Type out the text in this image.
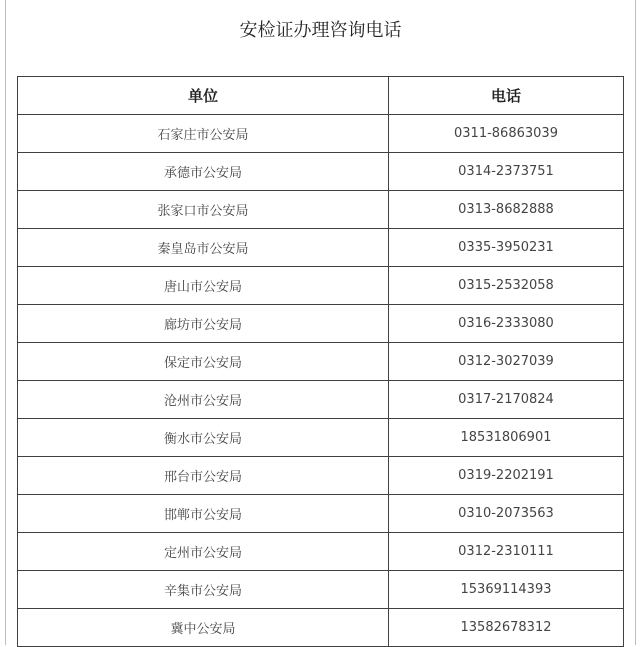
安检证办理咨询电话
单位	电话
石家庄市公安局	0311-86863039
承德市公安局	0314-2373751
张家口市公安局	0313-8682888
秦皇岛市公安局	0335-3950231
唐山市公安局	0315-2532058
廊坊市公安局	0316-2333080
保定市公安局	0312-3027039
沧州市公安局	0317-2170824
衡水市公安局	18531806901
邢台市公安局	0319-2202191
邯郸市公安局	0310-2073563
定州市公安局	0312-2310111
辛集市公安局	15369114393
冀中公安局	13582678312
